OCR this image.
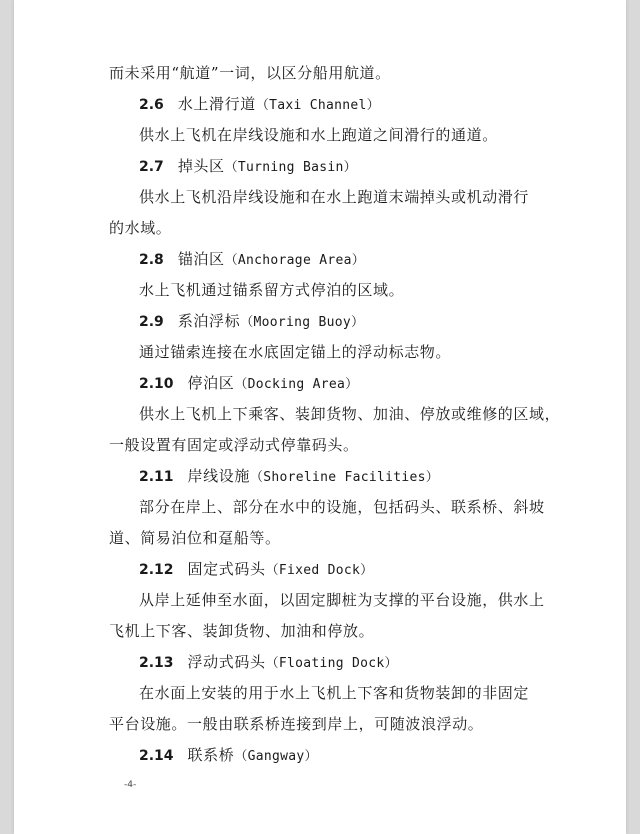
而未采用“航道”一词，以区分船用航道。
2.6 水上滑行道（Taxi Channel）
供水上飞机在岸线设施和水上跑道之间滑行的通道。
2.7 掉头区（Turning Basin）
供水上飞机沿岸线设施和在水上跑道末端掉头或机动滑行
的水域。
2.8 锚泊区（Anchorage Area）
水上飞机通过锚系留方式停泊的区域。
2.9 系泊浮标（Mooring Buoy）
通过锚索连接在水底固定锚上的浮动标志物。
2.10 停泊区（Docking Area）
供水上飞机上下乘客、装卸货物、加油、停放或维修的区域，
一般设置有固定或浮动式停靠码头。
2.11 岸线设施（Shoreline Facilities）
部分在岸上、部分在水中的设施，包括码头、联系桥、斜坡
道、简易泊位和趸船等。
2.12 固定式码头（Fixed Dock）
从岸上延伸至水面，以固定脚桩为支撑的平台设施，供水上
飞机上下客、装卸货物、加油和停放。
2.13 浮动式码头（Floating Dock）
在水面上安装的用于水上飞机上下客和货物装卸的非固定
平台设施。一般由联系桥连接到岸上，可随波浪浮动。
2.14 联系桥（Gangway）
-4-
